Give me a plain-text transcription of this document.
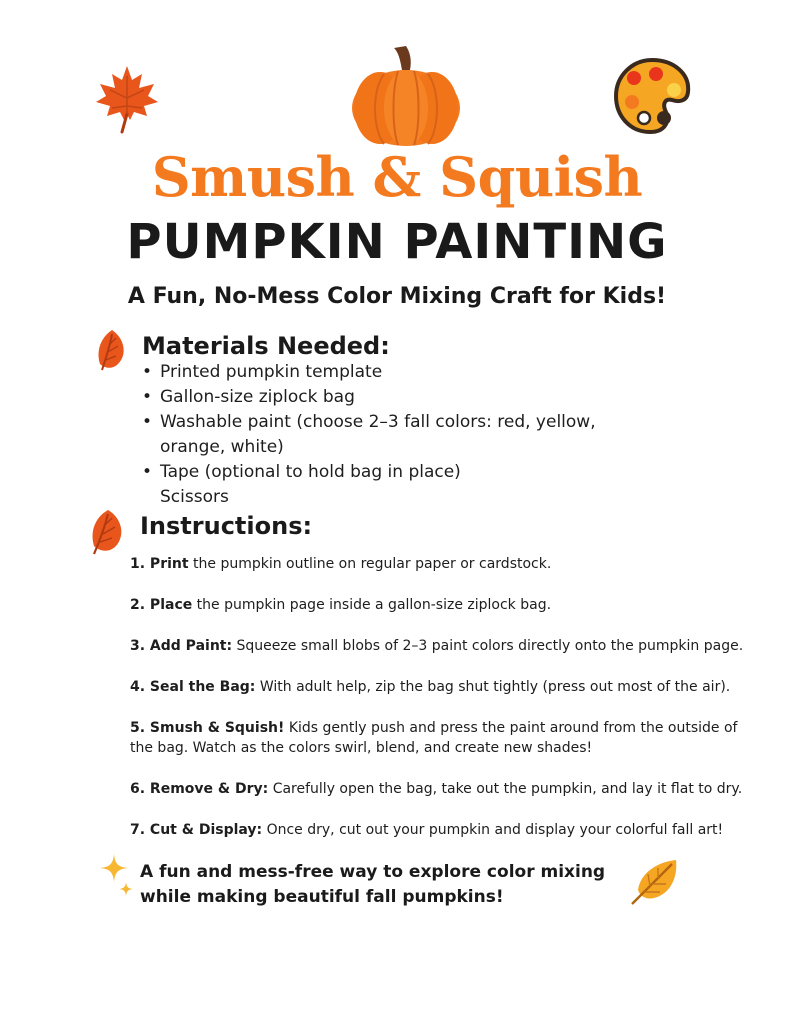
Smush & Squish
PUMPKIN PAINTING
A Fun, No-Mess Color Mixing Craft for Kids!
Materials Needed:
• Printed pumpkin template
• Gallon-size ziplock bag
• Washable paint (choose 2–3 fall colors: red, yellow,
orange, white)
• Tape (optional to hold bag in place)
Scissors
Instructions:

1. Print the pumpkin outline on regular paper or cardstock.

2. Place the pumpkin page inside a gallon-size ziplock bag.

3. Add Paint: Squeeze small blobs of 2–3 paint colors directly onto the pumpkin page.

4. Seal the Bag: With adult help, zip the bag shut tightly (press out most of the air).

5. Smush & Squish! Kids gently push and press the paint around from the outside of the bag. Watch as the colors swirl, blend, and create new shades!

6. Remove & Dry: Carefully open the bag, take out the pumpkin, and lay it flat to dry.

7. Cut & Display: Once dry, cut out your pumpkin and display your colorful fall art!

A fun and mess-free way to explore color mixing while making beautiful fall pumpkins!
